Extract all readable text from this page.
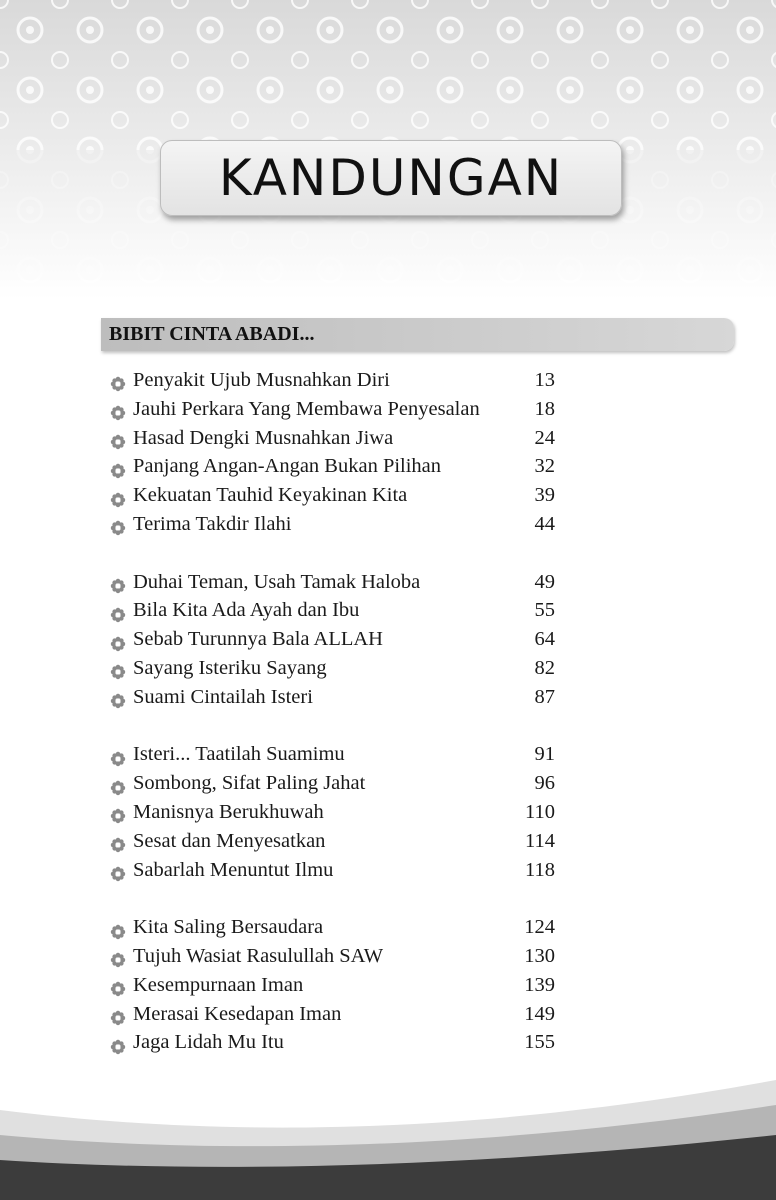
KANDUNGAN
BIBIT CINTA ABADI...
Penyakit Ujub Musnahkan Diri	13
Jauhi Perkara Yang Membawa Penyesalan	18
Hasad Dengki Musnahkan Jiwa	24
Panjang Angan-Angan Bukan Pilihan	32
Kekuatan Tauhid Keyakinan Kita	39
Terima Takdir Ilahi	44
Duhai Teman, Usah Tamak Haloba	49
Bila Kita Ada Ayah dan Ibu	55
Sebab Turunnya Bala ALLAH	64
Sayang Isteriku Sayang	82
Suami Cintailah Isteri	87
Isteri... Taatilah Suamimu	91
Sombong, Sifat Paling Jahat	96
Manisnya Berukhuwah	110
Sesat dan Menyesatkan	114
Sabarlah Menuntut Ilmu	118
Kita Saling Bersaudara	124
Tujuh Wasiat Rasulullah SAW	130
Kesempurnaan Iman	139
Merasai Kesedapan Iman	149
Jaga Lidah Mu Itu	155
